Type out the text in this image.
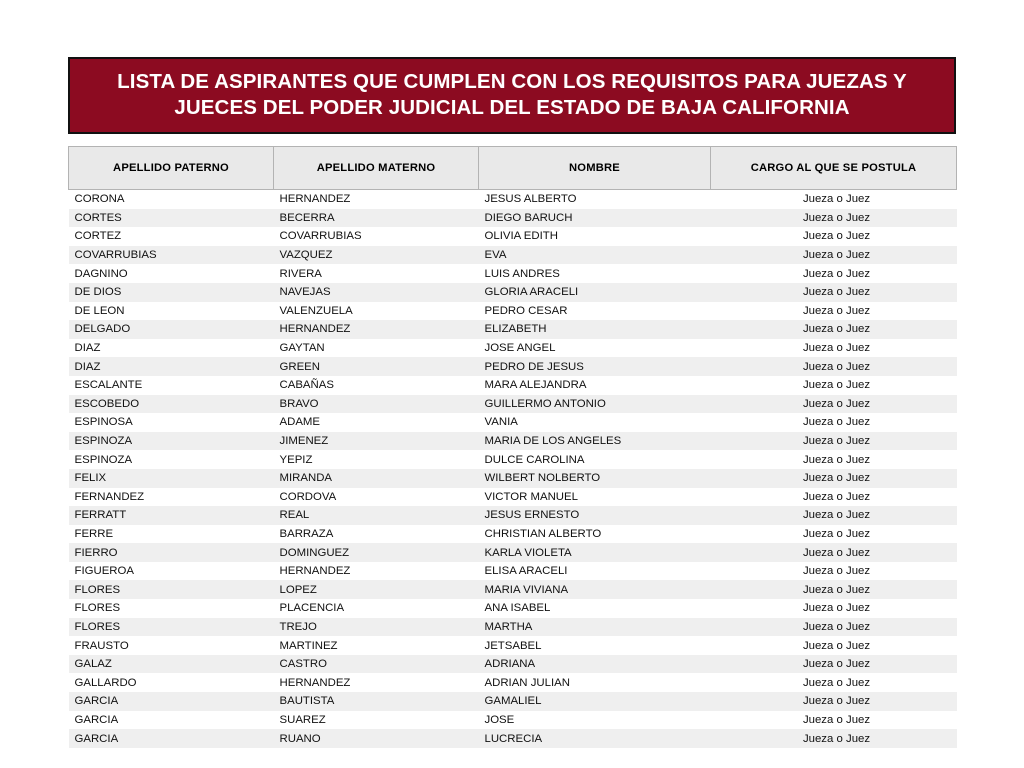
LISTA DE ASPIRANTES QUE CUMPLEN CON LOS REQUISITOS PARA JUEZAS Y
JUECES DEL PODER JUDICIAL DEL ESTADO DE BAJA CALIFORNIA
APELLIDO PATERNO	APELLIDO MATERNO	NOMBRE	CARGO AL QUE SE POSTULA
CORONA	HERNANDEZ	JESUS ALBERTO	Jueza o Juez
CORTES	BECERRA	DIEGO BARUCH	Jueza o Juez
CORTEZ	COVARRUBIAS	OLIVIA EDITH	Jueza o Juez
COVARRUBIAS	VAZQUEZ	EVA	Jueza o Juez
DAGNINO	RIVERA	LUIS ANDRES	Jueza o Juez
DE DIOS	NAVEJAS	GLORIA ARACELI	Jueza o Juez
DE LEON	VALENZUELA	PEDRO CESAR	Jueza o Juez
DELGADO	HERNANDEZ	ELIZABETH	Jueza o Juez
DIAZ	GAYTAN	JOSE ANGEL	Jueza o Juez
DIAZ	GREEN	PEDRO DE JESUS	Jueza o Juez
ESCALANTE	CABAÑAS	MARA ALEJANDRA	Jueza o Juez
ESCOBEDO	BRAVO	GUILLERMO ANTONIO	Jueza o Juez
ESPINOSA	ADAME	VANIA	Jueza o Juez
ESPINOZA	JIMENEZ	MARIA DE LOS ANGELES	Jueza o Juez
ESPINOZA	YEPIZ	DULCE CAROLINA	Jueza o Juez
FELIX	MIRANDA	WILBERT NOLBERTO	Jueza o Juez
FERNANDEZ	CORDOVA	VICTOR MANUEL	Jueza o Juez
FERRATT	REAL	JESUS ERNESTO	Jueza o Juez
FERRE	BARRAZA	CHRISTIAN ALBERTO	Jueza o Juez
FIERRO	DOMINGUEZ	KARLA VIOLETA	Jueza o Juez
FIGUEROA	HERNANDEZ	ELISA ARACELI	Jueza o Juez
FLORES	LOPEZ	MARIA VIVIANA	Jueza o Juez
FLORES	PLACENCIA	ANA ISABEL	Jueza o Juez
FLORES	TREJO	MARTHA	Jueza o Juez
FRAUSTO	MARTINEZ	JETSABEL	Jueza o Juez
GALAZ	CASTRO	ADRIANA	Jueza o Juez
GALLARDO	HERNANDEZ	ADRIAN JULIAN	Jueza o Juez
GARCIA	BAUTISTA	GAMALIEL	Jueza o Juez
GARCIA	SUAREZ	JOSE	Jueza o Juez
GARCIA	RUANO	LUCRECIA	Jueza o Juez
